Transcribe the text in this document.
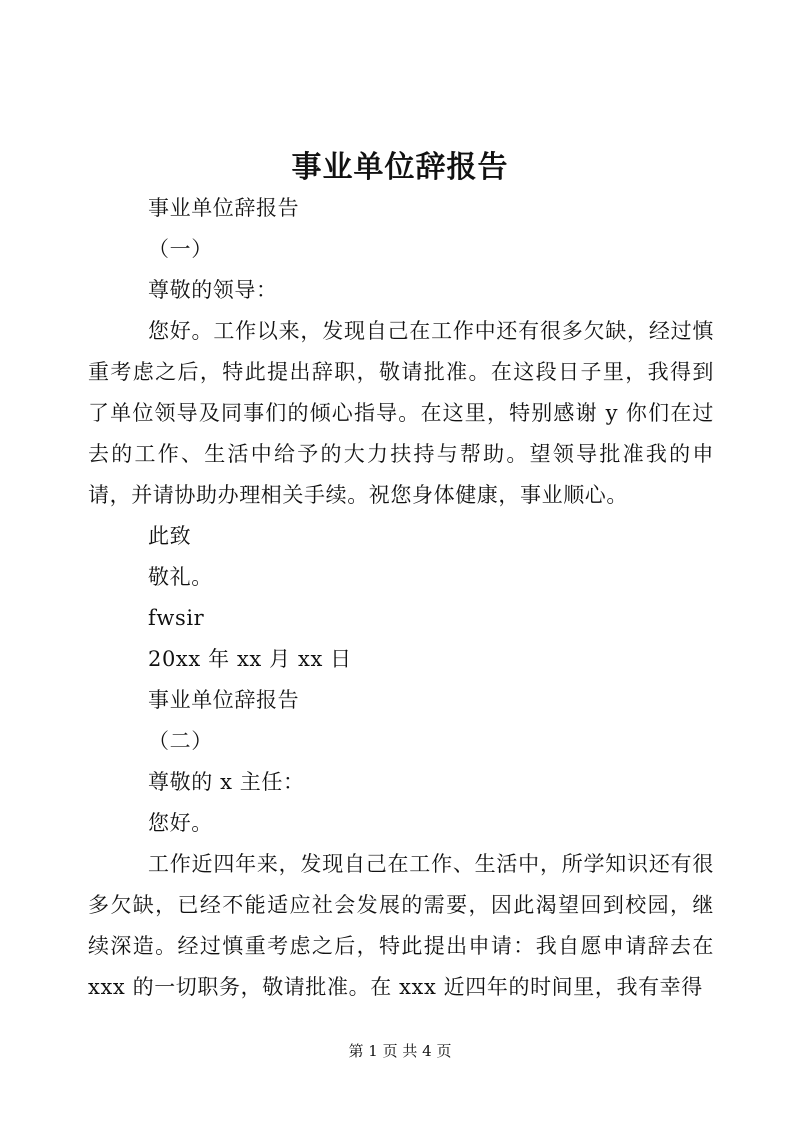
事业单位辞报告

事业单位辞报告

（一）

尊敬的领导：

您好。工作以来，发现自己在工作中还有很多欠缺，经过慎重考虑之后，特此提出辞职，敬请批准。在这段日子里，我得到了单位领导及同事们的倾心指导。在这里，特别感谢 y 你们在过去的工作、生活中给予的大力扶持与帮助。望领导批准我的申请，并请协助办理相关手续。祝您身体健康，事业顺心。

此致

敬礼。

fwsir

20xx 年 xx 月 xx 日

事业单位辞报告

（二）

尊敬的 x 主任：

您好。

工作近四年来，发现自己在工作、生活中，所学知识还有很多欠缺，已经不能适应社会发展的需要，因此渴望回到校园，继续深造。经过慎重考虑之后，特此提出申请：我自愿申请辞去在 xxx 的一切职务，敬请批准。在 xxx 近四年的时间里，我有幸得

第 1 页 共 4 页
